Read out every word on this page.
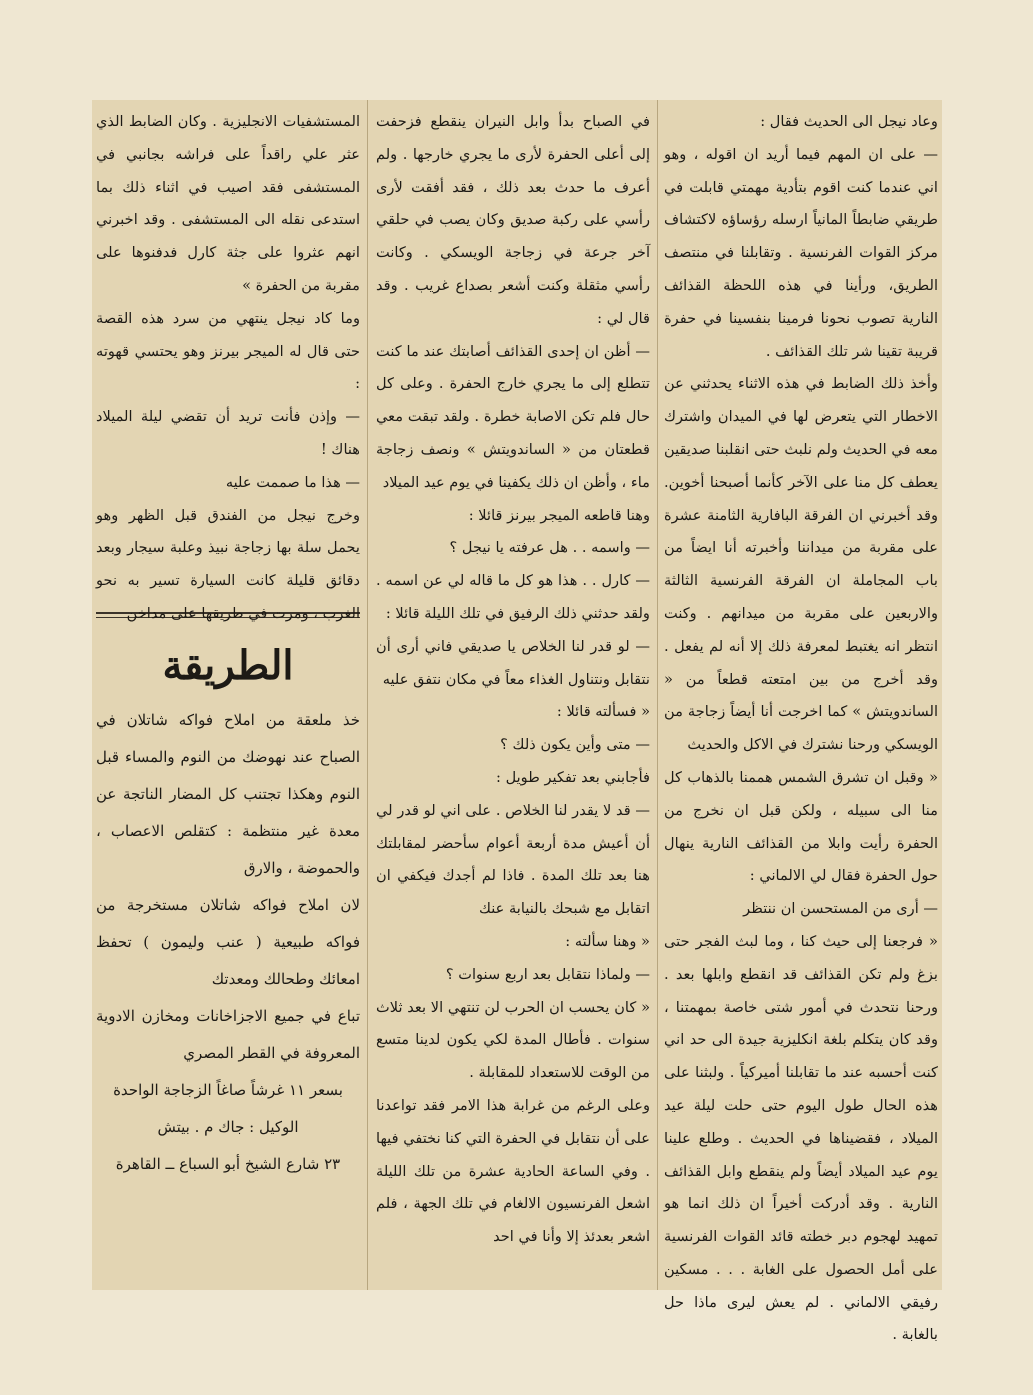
وعاد نيجل الى الحديث فقال :

— على ان المهم فيما أريد ان اقوله ، وهو اني عندما كنت اقوم بتأدية مهمتي قابلت في طريقي ضابطاً المانياً ارسله رؤساؤه لاكتشاف مركز القوات الفرنسية . وتقابلنا في منتصف الطريق، ورأينا في هذه اللحظة القذائف النارية تصوب نحونا فرمينا بنفسينا في حفرة قريبة تقينا شر تلك القذائف .

وأخذ ذلك الضابط في هذه الاثناء يحدثني عن الاخطار التي يتعرض لها في الميدان واشترك معه في الحديث ولم نلبث حتى انقلبنا صديقين يعطف كل منا على الآخر كأنما أصبحنا أخوين. وقد أخبرني ان الفرقة البافارية الثامنة عشرة على مقربة من ميداننا وأخبرته أنا ايضاً من باب المجاملة ان الفرقة الفرنسية الثالثة والاربعين على مقربة من ميدانهم . وكنت انتظر انه يغتبط لمعرفة ذلك إلا أنه لم يفعل . وقد أخرج من بين امتعته قطعاً من « الساندويتش » كما اخرجت أنا أيضاً زجاجة من الويسكي ورحنا نشترك في الاكل والحديث

« وقبل ان تشرق الشمس هممنا بالذهاب كل منا الى سبيله ، ولكن قبل ان نخرج من الحفرة رأيت وابلا من القذائف النارية ينهال حول الحفرة فقال لي الالماني :

— أرى من المستحسن ان ننتظر

« فرجعنا إلى حيث كنا ، وما لبث الفجر حتى بزغ ولم تكن القذائف قد انقطع وابلها بعد . ورحنا نتحدث في أمور شتى خاصة بمهمتنا ، وقد كان يتكلم بلغة انكليزية جيدة الى حد اني كنت أحسبه عند ما تقابلنا أميركياً . ولبثنا على هذه الحال طول اليوم حتى حلت ليلة عيد الميلاد ، فقضيناها في الحديث . وطلع علينا يوم عيد الميلاد أيضاً ولم ينقطع وابل القذائف النارية . وقد أدركت أخيراً ان ذلك انما هو تمهيد لهجوم دبر خطته قائد القوات الفرنسية على أمل الحصول على الغابة . . . مسكين رفيقي الالماني . لم يعش ليرى ماذا حل بالغابة .

في الصباح بدأ وابل النيران ينقطع فزحفت إلى أعلى الحفرة لأرى ما يجري خارجها . ولم أعرف ما حدث بعد ذلك ، فقد أفقت لأرى رأسي على ركبة صديق وكان يصب في حلقي آخر جرعة في زجاجة الويسكي . وكانت رأسي مثقلة وكنت أشعر بصداع غريب . وقد قال لي :

— أظن ان إحدى القذائف أصابتك عند ما كنت تتطلع إلى ما يجري خارج الحفرة . وعلى كل حال فلم تكن الاصابة خطرة . ولقد تبقت معي قطعتان من « الساندويتش » ونصف زجاجة ماء ، وأظن ان ذلك يكفينا في يوم عيد الميلاد

وهنا قاطعه الميجر بيرنز قائلا :

— واسمه . . هل عرفته يا نيجل ؟

— كارل . . هذا هو كل ما قاله لي عن اسمه . ولقد حدثني ذلك الرفيق في تلك الليلة قائلا :

— لو قدر لنا الخلاص يا صديقي فاني أرى أن نتقابل ونتناول الغذاء معاً في مكان نتفق عليه

« فسألته قائلا :

— متى وأين يكون ذلك ؟

فأجابني بعد تفكير طويل :

— قد لا يقدر لنا الخلاص . على اني لو قدر لي أن أعيش مدة أربعة أعوام سأحضر لمقابلتك هنا بعد تلك المدة . فاذا لم أجدك فيكفي ان اتقابل مع شبحك بالنيابة عنك

« وهنا سألته :

— ولماذا نتقابل بعد اربع سنوات ؟

« كان يحسب ان الحرب لن تنتهي الا بعد ثلاث سنوات . فأطال المدة لكي يكون لدينا متسع من الوقت للاستعداد للمقابلة .

وعلى الرغم من غرابة هذا الامر فقد تواعدنا على أن نتقابل في الحفرة التي كنا نختفي فيها . وفي الساعة الحادية عشرة من تلك الليلة اشعل الفرنسيون الالغام في تلك الجهة ، فلم اشعر بعدئذ إلا وأنا في احد

المستشفيات الانجليزية . وكان الضابط الذي عثر علي راقداً على فراشه بجانبي في المستشفى فقد اصيب في اثناء ذلك بما استدعى نقله الى المستشفى . وقد اخبرني انهم عثروا على جثة كارل فدفنوها على مقربة من الحفرة »

وما كاد نيجل ينتهي من سرد هذه القصة حتى قال له الميجر بيرنز وهو يحتسي قهوته :

— وإذن فأنت تريد أن تقضي ليلة الميلاد هناك !

— هذا ما صممت عليه

وخرج نيجل من الفندق قبل الظهر وهو يحمل سلة بها زجاجة نبيذ وعلبة سيجار وبعد دقائق قليلة كانت السيارة تسير به نحو الغرب ، ومرت في طريقها على مداخن

الطريقة

خذ ملعقة من املاح فواكه شاتلان في الصباح عند نهوضك من النوم والمساء قبل النوم وهكذا تجتنب كل المضار الناتجة عن معدة غير منتظمة : كتقلص الاعصاب ، والحموضة ، والارق

لان املاح فواكه شاتلان مستخرجة من فواكه طبيعية ( عنب وليمون ) تحفظ امعائك وطحالك ومعدتك

تباع في جميع الاجزاخانات ومخازن الادوية المعروفة في القطر المصري

بسعر ١١ غرشاً صاغاً الزجاجة الواحدة

الوكيل : جاك م . بيتش

٢٣ شارع الشيخ أبو السباع ــ القاهرة
